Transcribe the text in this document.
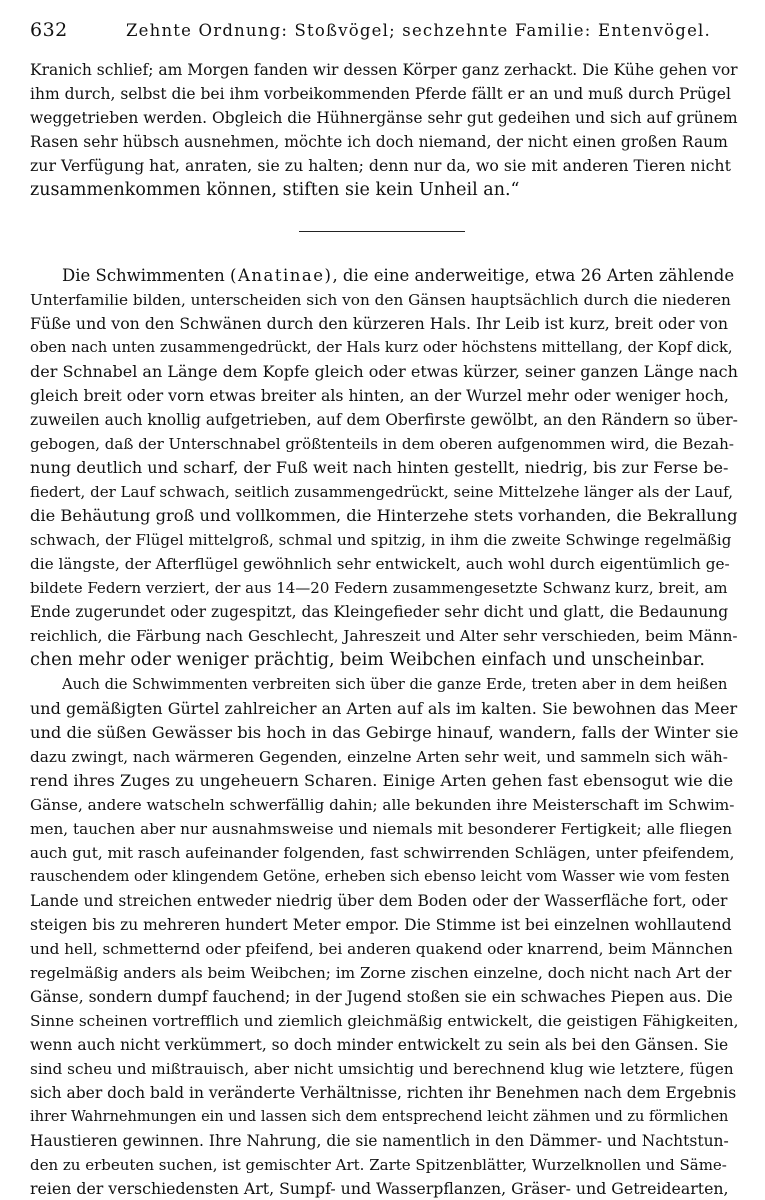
632	Zehnte Ordnung: Stoßvögel; sechzehnte Familie: Entenvögel.
Kranich schlief; am Morgen fanden wir dessen Körper ganz zerhackt. Die Kühe gehen vor
ihm durch, selbst die bei ihm vorbeikommenden Pferde fällt er an und muß durch Prügel
weggetrieben werden. Obgleich die Hühnergänse sehr gut gedeihen und sich auf grünem
Rasen sehr hübsch ausnehmen, möchte ich doch niemand, der nicht einen großen Raum
zur Verfügung hat, anraten, sie zu halten; denn nur da, wo sie mit anderen Tieren nicht
zusammenkommen können, stiften sie kein Unheil an.“
Die Schwimmenten (Anatinae), die eine anderweitige, etwa 26 Arten zählende
Unterfamilie bilden, unterscheiden sich von den Gänsen hauptsächlich durch die niederen
Füße und von den Schwänen durch den kürzeren Hals. Ihr Leib ist kurz, breit oder von
oben nach unten zusammengedrückt, der Hals kurz oder höchstens mittellang, der Kopf dick,
der Schnabel an Länge dem Kopfe gleich oder etwas kürzer, seiner ganzen Länge nach
gleich breit oder vorn etwas breiter als hinten, an der Wurzel mehr oder weniger hoch,
zuweilen auch knollig aufgetrieben, auf dem Oberfirste gewölbt, an den Rändern so über-
gebogen, daß der Unterschnabel größtenteils in dem oberen aufgenommen wird, die Bezah-
nung deutlich und scharf, der Fuß weit nach hinten gestellt, niedrig, bis zur Ferse be-
fiedert, der Lauf schwach, seitlich zusammengedrückt, seine Mittelzehe länger als der Lauf,
die Behäutung groß und vollkommen, die Hinterzehe stets vorhanden, die Bekrallung
schwach, der Flügel mittelgroß, schmal und spitzig, in ihm die zweite Schwinge regelmäßig
die längste, der Afterflügel gewöhnlich sehr entwickelt, auch wohl durch eigentümlich ge-
bildete Federn verziert, der aus 14—20 Federn zusammengesetzte Schwanz kurz, breit, am
Ende zugerundet oder zugespitzt, das Kleingefieder sehr dicht und glatt, die Bedaunung
reichlich, die Färbung nach Geschlecht, Jahreszeit und Alter sehr verschieden, beim Männ-
chen mehr oder weniger prächtig, beim Weibchen einfach und unscheinbar.
Auch die Schwimmenten verbreiten sich über die ganze Erde, treten aber in dem heißen
und gemäßigten Gürtel zahlreicher an Arten auf als im kalten. Sie bewohnen das Meer
und die süßen Gewässer bis hoch in das Gebirge hinauf, wandern, falls der Winter sie
dazu zwingt, nach wärmeren Gegenden, einzelne Arten sehr weit, und sammeln sich wäh-
rend ihres Zuges zu ungeheuern Scharen. Einige Arten gehen fast ebensogut wie die
Gänse, andere watscheln schwerfällig dahin; alle bekunden ihre Meisterschaft im Schwim-
men, tauchen aber nur ausnahmsweise und niemals mit besonderer Fertigkeit; alle fliegen
auch gut, mit rasch aufeinander folgenden, fast schwirrenden Schlägen, unter pfeifendem,
rauschendem oder klingendem Getöne, erheben sich ebenso leicht vom Wasser wie vom festen
Lande und streichen entweder niedrig über dem Boden oder der Wasserfläche fort, oder
steigen bis zu mehreren hundert Meter empor. Die Stimme ist bei einzelnen wohllautend
und hell, schmetternd oder pfeifend, bei anderen quakend oder knarrend, beim Männchen
regelmäßig anders als beim Weibchen; im Zorne zischen einzelne, doch nicht nach Art der
Gänse, sondern dumpf fauchend; in der Jugend stoßen sie ein schwaches Piepen aus. Die
Sinne scheinen vortrefflich und ziemlich gleichmäßig entwickelt, die geistigen Fähigkeiten,
wenn auch nicht verkümmert, so doch minder entwickelt zu sein als bei den Gänsen. Sie
sind scheu und mißtrauisch, aber nicht umsichtig und berechnend klug wie letztere, fügen
sich aber doch bald in veränderte Verhältnisse, richten ihr Benehmen nach dem Ergebnis
ihrer Wahrnehmungen ein und lassen sich dem entsprechend leicht zähmen und zu förmlichen
Haustieren gewinnen. Ihre Nahrung, die sie namentlich in den Dämmer- und Nachtstun-
den zu erbeuten suchen, ist gemischter Art. Zarte Spitzenblätter, Wurzelknollen und Säme-
reien der verschiedensten Art, Sumpf- und Wasserpflanzen, Gräser- und Getreidearten,
